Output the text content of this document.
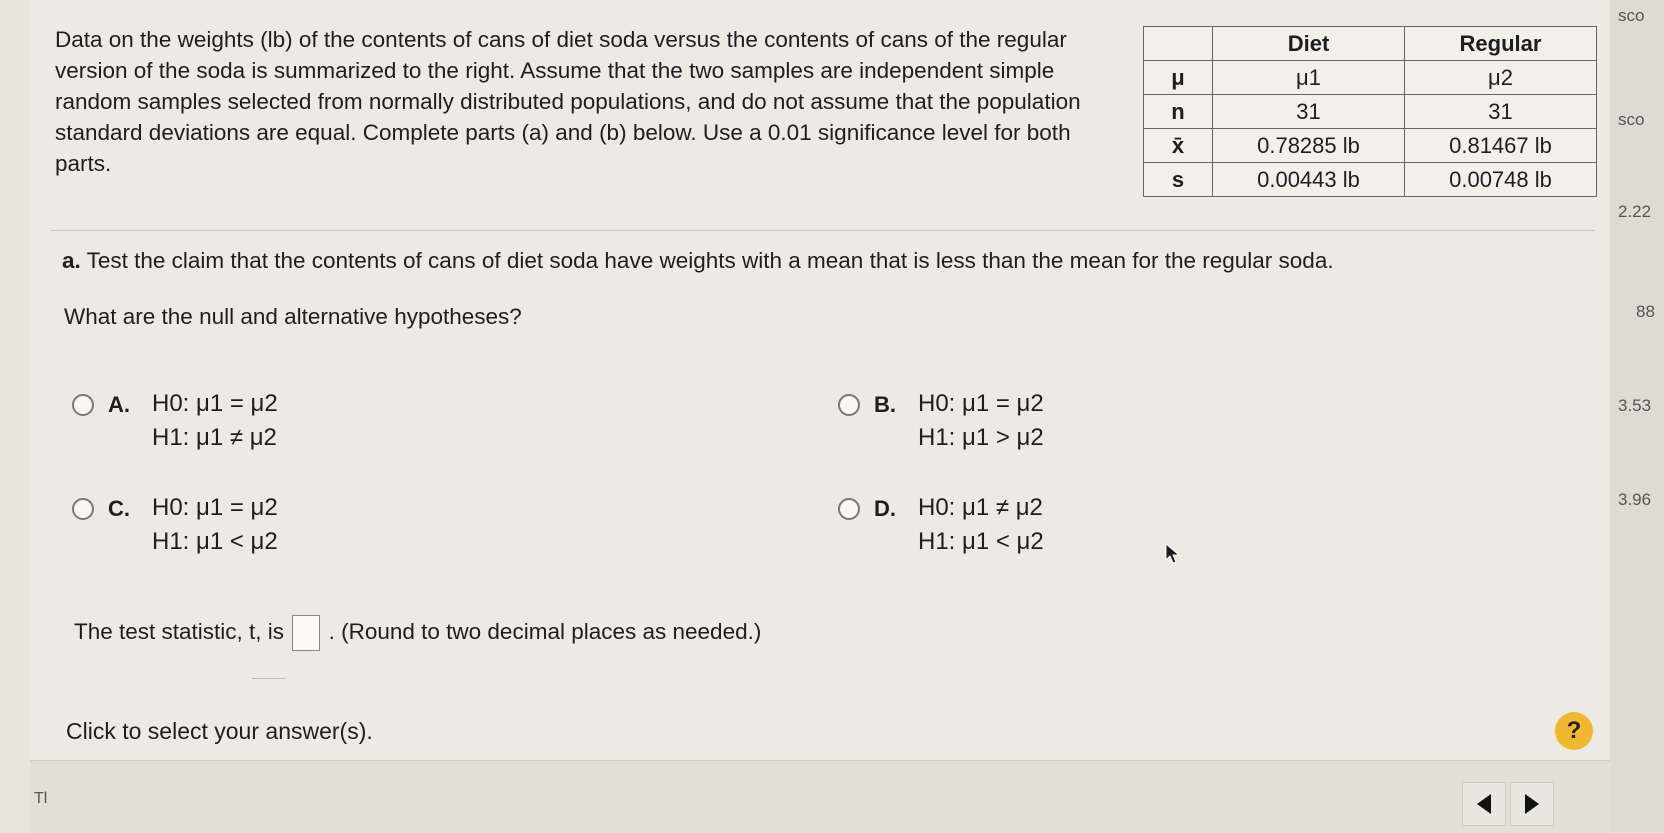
sco
sco
2.22
88
3.53
3.96
Data on the weights (lb) of the contents of cans of diet soda versus the contents of cans of the regular version of the soda is summarized to the right. Assume that the two samples are independent simple random samples selected from normally distributed populations, and do not assume that the population standard deviations are equal. Complete parts (a) and (b) below. Use a 0.01 significance level for both parts.
	Diet	Regular
μ	μ1	μ2
n	31	31
x̄	0.78285 lb	0.81467 lb
s	0.00443 lb	0.00748 lb
a. Test the claim that the contents of cans of diet soda have weights with a mean that is less than the mean for the regular soda.
What are the null and alternative hypotheses?
A. H0: μ1 = μ2
H1: μ1 ≠ μ2
B. H0: μ1 = μ2
H1: μ1 > μ2
C. H0: μ1 = μ2
H1: μ1 < μ2
D. H0: μ1 ≠ μ2
H1: μ1 < μ2
The test statistic, t, is . (Round to two decimal places as needed.)
Click to select your answer(s).	?
Tl
